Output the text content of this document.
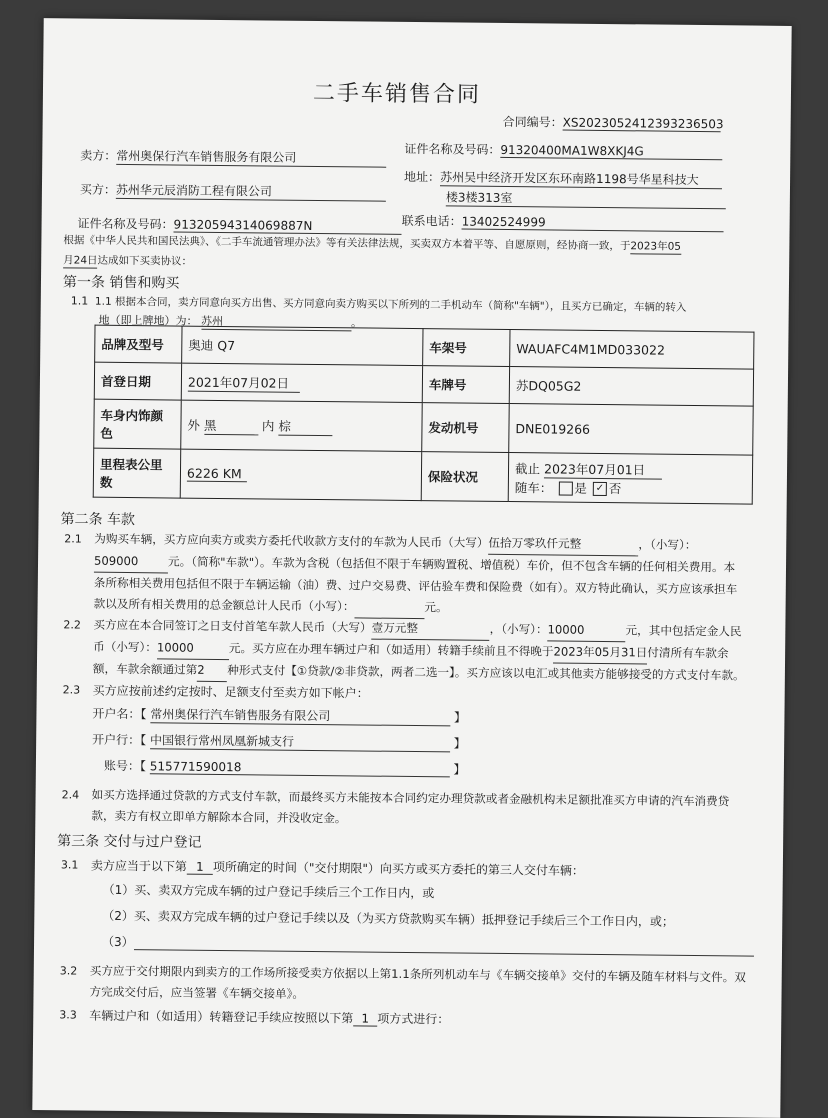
二手车销售合同
合同编号：XS2023052412393236503
卖方：常州奥保行汽车销售服务有限公司	证件名称及号码：91320400MA1W8XKJ4G
买方：苏州华元辰消防工程有限公司
地址：苏州吴中经济开发区东环南路1198号华星科技大
楼3楼313室
证件名称及号码：91320594314069887N	联系电话：13402524999
根据《中华人民共和国民法典》、《二手车流通管理办法》等有关法律法规，买卖双方本着平等、自愿原则，经协商一致，于2023年05
月24日达成如下买卖协议：
第一条 销售和购买
1.1 1.1 根据本合同，卖方同意向买方出售、买方同意向卖方购买以下所列的二手机动车（简称"车辆"），且买方已确定，车辆的转入
地（即上牌地）为： 苏州	。
品牌及型号	奥迪 Q7	车架号	WAUAFC4M1MD033022
首登日期	2021年07月02日	车牌号	苏DQ05G2
车身内饰颜色	外 黑 内 棕	发动机号	DNE019266
里程表公里数	6226 KM	保险状况	截止 2023年07月01日
随车： 是 ✓ 否
第二条 车款
2.1 为购买车辆，买方应向卖方或卖方委托代收款方支付的车款为人民币（大写）伍拾万零玖仟元整	，（小写）：509000	元。（简称"车款"）。车款为含税（包括但不限于车辆购置税、增值税）车价，但不包含车辆的任何相关费用。本条所称相关费用包括但不限于车辆运输（油）费、过户交易费、评估验车费和保险费（如有）。双方特此确认，买方应该承担车款以及所有相关费用的总金额总计人民币（小写）：	元。
2.2 买方应在本合同签订之日支付首笔车款人民币（大写）壹万元整	，（小写）：10000	元，其中包括定金人民币（小写）：10000	元。买方应在办理车辆过户和（如适用）转籍手续前且不得晚于2023年05月31日付清所有车款余额，车款余额通过第2 种形式支付【①贷款/②非贷款，两者二选一】。买方应该以电汇或其他卖方能够接受的方式支付车款。
2.3 买方应按前述约定按时、足额支付至卖方如下帐户：
开户名：【 常州奥保行汽车销售服务有限公司	】
开户行：【 中国银行常州凤凰新城支行	】
账号：【 515771590018	】
2.4 如买方选择通过贷款的方式支付车款，而最终买方未能按本合同约定办理贷款或者金融机构未足额批准买方申请的汽车消费贷款，卖方有权立即单方解除本合同，并没收定金。
第三条 交付与过户登记
3.1 卖方应当于以下第 1 项所确定的时间（"交付期限"）向买方或买方委托的第三人交付车辆：
（1）买、卖双方完成车辆的过户登记手续后三个工作日内，或
（2）买、卖双方完成车辆的过户登记手续以及（为买方贷款购买车辆）抵押登记手续后三个工作日内，或；
（3）
3.2 买方应于交付期限内到卖方的工作场所接受卖方依据以上第1.1条所列机动车与《车辆交接单》交付的车辆及随车材料与文件。双方完成交付后，应当签署《车辆交接单》。
3.3 车辆过户和（如适用）转籍登记手续应按照以下第 1 项方式进行：
